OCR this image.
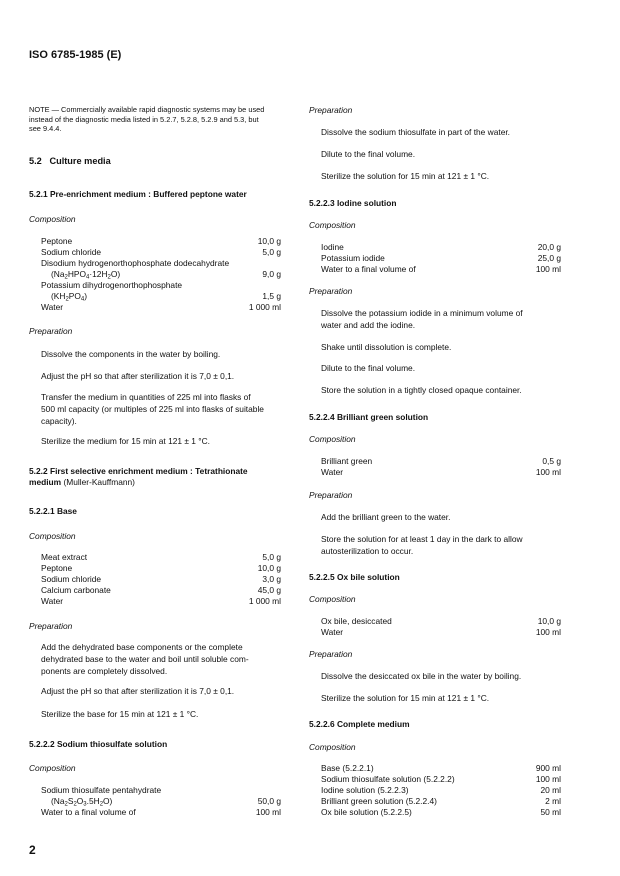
ISO 6785-1985 (E)
NOTE — Commercially available rapid diagnostic systems may be used
instead of the diagnostic media listed in 5.2.7, 5.2.8, 5.2.9 and 5.3, but
see 9.4.4.
5.2 Culture media
5.2.1 Pre-enrichment medium : Buffered peptone water
Composition
Peptone	10,0 g
Sodium chloride	5,0 g
Disodium hydrogenorthophosphate dodecahydrate
$(Na_2HPO_4\cdot 12H_2O)$	9,0 g
Potassium dihydrogenorthophosphate
$(KH_2PO_4)$	1,5 g
Water	1 000 ml
Preparation
Dissolve the components in the water by boiling.
Adjust the pH so that after sterilization it is 7,0 ± 0,1.
Transfer the medium in quantities of 225 ml into flasks of
500 ml capacity (or multiples of 225 ml into flasks of suitable
capacity).
Sterilize the medium for 15 min at 121 ± 1 °C.
5.2.2 First selective enrichment medium : Tetrathionate
medium (Muller-Kauffmann)
5.2.2.1 Base
Composition
Meat extract	5,0 g
Peptone	10,0 g
Sodium chloride	3,0 g
Calcium carbonate	45,0 g
Water	1 000 ml
Preparation
Add the dehydrated base components or the complete
dehydrated base to the water and boil until soluble com-
ponents are completely dissolved.
Adjust the pH so that after sterilization it is 7,0 ± 0,1.
Sterilize the base for 15 min at 121 ± 1 °C.
5.2.2.2 Sodium thiosulfate solution
Composition
Sodium thiosulfate pentahydrate
$(Na_2S_2O_3.5H_2O)$	50,0 g
Water to a final volume of	100 ml
2
Preparation
Dissolve the sodium thiosulfate in part of the water.
Dilute to the final volume.
Sterilize the solution for 15 min at 121 ± 1 °C.
5.2.2.3 Iodine solution
Composition
Iodine	20,0 g
Potassium iodide	25,0 g
Water to a final volume of	100 ml
Preparation
Dissolve the potassium iodide in a minimum volume of
water and add the iodine.
Shake until dissolution is complete.
Dilute to the final volume.
Store the solution in a tightly closed opaque container.
5.2.2.4 Brilliant green solution
Composition
Brilliant green	0,5 g
Water	100 ml
Preparation
Add the brilliant green to the water.
Store the solution for at least 1 day in the dark to allow
autosterilization to occur.
5.2.2.5 Ox bile solution
Composition
Ox bile, desiccated	10,0 g
Water	100 ml
Preparation
Dissolve the desiccated ox bile in the water by boiling.
Sterilize the solution for 15 min at 121 ± 1 °C.
5.2.2.6 Complete medium
Composition
Base (5.2.2.1)	900 ml
Sodium thiosulfate solution (5.2.2.2)	100 ml
Iodine solution (5.2.2.3)	20 ml
Brilliant green solution (5.2.2.4)	2 ml
Ox bile solution (5.2.2.5)	50 ml
